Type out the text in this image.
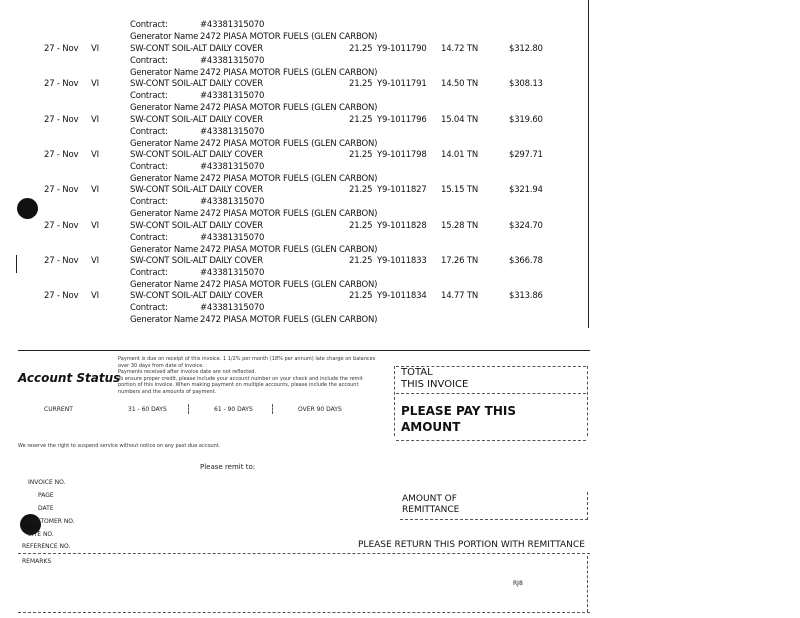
Contract:	#43381315070
Generator Name 2472 PIASA MOTOR FUELS (GLEN CARBON)
27 - Nov VI	SW-CONT SOIL-ALT DAILY COVER	21.25 Y9-1011790 14.72 TN	$312.80
Contract:	#43381315070
Generator Name 2472 PIASA MOTOR FUELS (GLEN CARBON)
27 - Nov VI	SW-CONT SOIL-ALT DAILY COVER	21.25 Y9-1011791 14.50 TN	$308.13
Contract:	#43381315070
Generator Name 2472 PIASA MOTOR FUELS (GLEN CARBON)
27 - Nov VI	SW-CONT SOIL-ALT DAILY COVER	21.25 Y9-1011796 15.04 TN	$319.60
Contract:	#43381315070
Generator Name 2472 PIASA MOTOR FUELS (GLEN CARBON)
27 - Nov VI	SW-CONT SOIL-ALT DAILY COVER	21.25 Y9-1011798 14.01 TN	$297.71
Contract:	#43381315070
Generator Name 2472 PIASA MOTOR FUELS (GLEN CARBON)
27 - Nov VI	SW-CONT SOIL-ALT DAILY COVER	21.25 Y9-1011827 15.15 TN	$321.94
Contract:	#43381315070
Generator Name 2472 PIASA MOTOR FUELS (GLEN CARBON)
27 - Nov VI	SW-CONT SOIL-ALT DAILY COVER	21.25 Y9-1011828 15.28 TN	$324.70
Contract:	#43381315070
Generator Name 2472 PIASA MOTOR FUELS (GLEN CARBON)
27 - Nov VI	SW-CONT SOIL-ALT DAILY COVER	21.25 Y9-1011833 17.26 TN	$366.78
Contract:	#43381315070
Generator Name 2472 PIASA MOTOR FUELS (GLEN CARBON)
27 - Nov VI	SW-CONT SOIL-ALT DAILY COVER	21.25 Y9-1011834 14.77 TN	$313.86
Contract:	#43381315070
Generator Name 2472 PIASA MOTOR FUELS (GLEN CARBON)
Account Status
Payment is due on receipt of this invoice. 1 1/2% per month (18% per annum) late charge on balances
over 30 days from date of invoice.
Payments received after invoice date are not reflected.
To ensure proper credit, please include your account number on your check and include the remit
portion of this invoice. When making payment on multiple accounts, please include the account
numbers and the amounts of payment.
CURRENT	31 - 60 DAYS	61 - 90 DAYS	OVER 90 DAYS
We reserve the right to suspend service without notice on any past due account.
TOTAL
THIS INVOICE
PLEASE PAY THIS
AMOUNT
Please remit to:
INVOICE NO.
PAGE
DATE
CUSTOMER NO.
SITE NO.
REFERENCE NO.
AMOUNT OF
REMITTANCE
PLEASE RETURN THIS PORTION WITH REMITTANCE
REMARKS
RJ8
